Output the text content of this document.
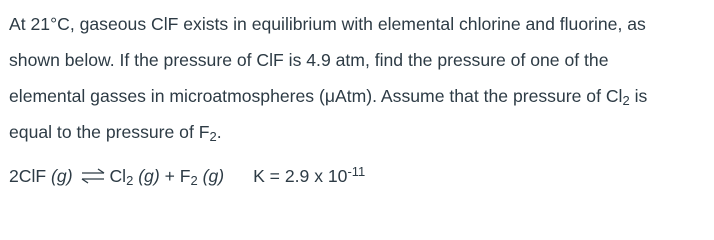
At 21°C, gaseous ClF exists in equilibrium with elemental chlorine and fluorine, as

shown below. If the pressure of ClF is 4.9 atm, find the pressure of one of the

elemental gasses in microatmospheres (μAtm). Assume that the pressure of $Cl_2$ is

equal to the pressure of $F_2$.

2ClF (g) ⇌ $Cl_2$ $(g) + F_2$ (g) K = 2.9 x $10^{-11}$
